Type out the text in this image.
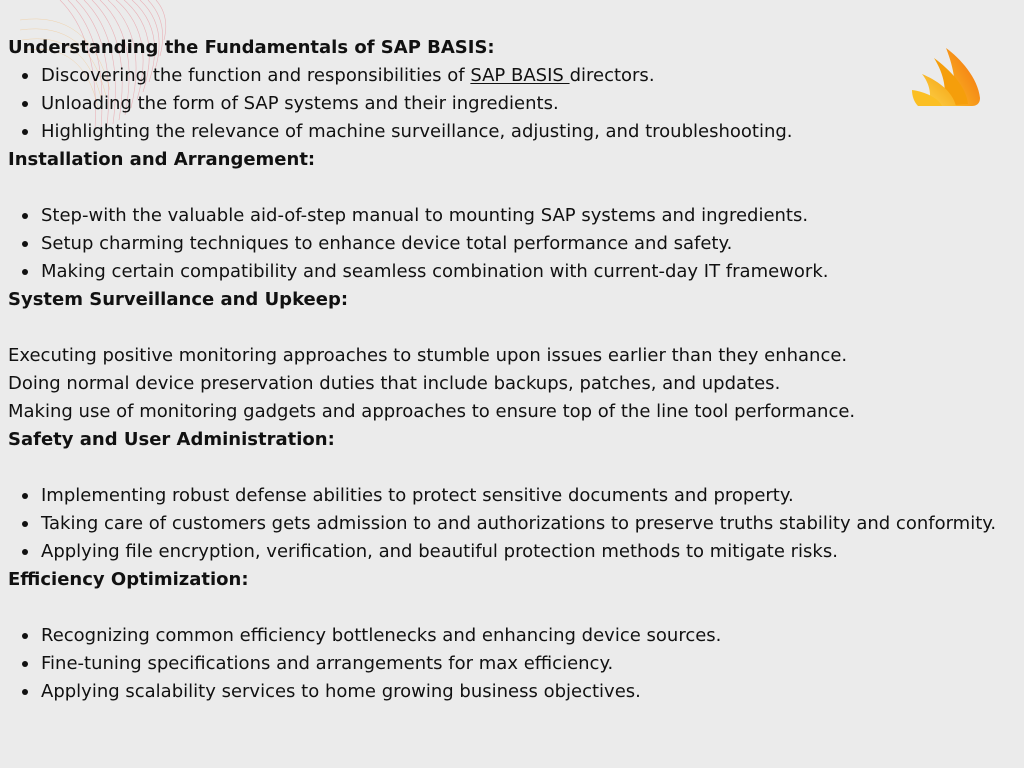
Understanding the Fundamentals of SAP BASIS:

Discovering the function and responsibilities of SAP BASIS directors.
Unloading the form of SAP systems and their ingredients.
Highlighting the relevance of machine surveillance, adjusting, and troubleshooting.

Installation and Arrangement:

Step-with the valuable aid-of-step manual to mounting SAP systems and ingredients.
Setup charming techniques to enhance device total performance and safety.
Making certain compatibility and seamless combination with current-day IT framework.

System Surveillance and Upkeep:

Executing positive monitoring approaches to stumble upon issues earlier than they enhance.

Doing normal device preservation duties that include backups, patches, and updates.

Making use of monitoring gadgets and approaches to ensure top of the line tool performance.

Safety and User Administration:

Implementing robust defense abilities to protect sensitive documents and property.
Taking care of customers gets admission to and authorizations to preserve truths stability and conformity.
Applying file encryption, verification, and beautiful protection methods to mitigate risks.

Efficiency Optimization:

Recognizing common efficiency bottlenecks and enhancing device sources.
Fine-tuning specifications and arrangements for max efficiency.
Applying scalability services to home growing business objectives.
